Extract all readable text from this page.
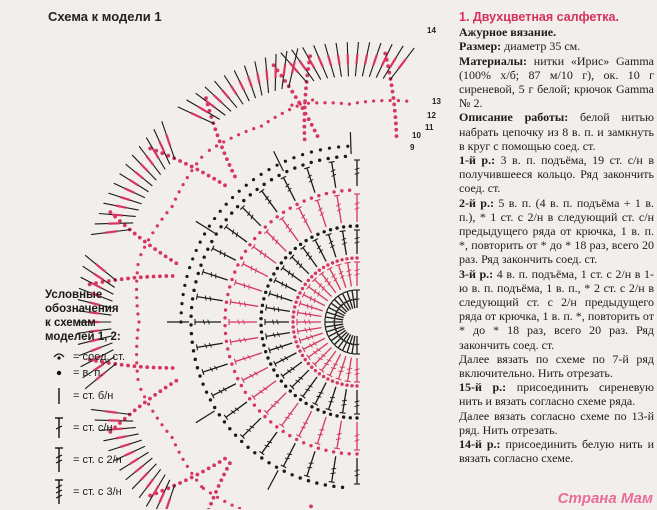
Схема к модели 1
14
13
12
11
10
9
Условные
обозначения
к схемам
моделей 1, 2:
= соед. ст.
= в. п.
= ст. б/н
= ст. с/н
= ст. с 2/н
= ст. с 3/н

1. Двухцветная салфетка.

Ажурное вязание.

Размер: диаметр 35 см.

Материалы: нитки «Ирис» Gamma (100% х/б; 87 м/10 г), ок. 10 г сиреневой, 5 г белой; крючок Gamma № 2.

Описание работы: белой нитью набрать цепочку из 8 в. п. и замкнуть в круг с помощью соед. ст.

1-й р.: 3 в. п. подъёма, 19 ст. с/н в получившееся кольцо. Ряд закончить соед. ст.

2-й р.: 5 в. п. (4 в. п. подъёма + 1 в. п.), * 1 ст. с 2/н в следующий ст. с/н предыдущего ряда от крючка, 1 в. п. *, повторить от * до * 18 раз, всего 20 раз. Ряд закончить соед. ст.

3-й р.: 4 в. п. подъёма, 1 ст. с 2/н в 1-ю в. п. подъёма, 1 в. п., * 2 ст. с 2/н в следующий ст. с 2/н предыдущего ряда от крючка, 1 в. п. *, повторить от * до * 18 раз, всего 20 раз. Ряд закончить соед. ст.

Далее вязать по схеме по 7-й ряд включительно. Нить отрезать.

15-й р.: присоединить сиреневую нить и вязать согласно схеме ряда.

Далее вязать согласно схеме по 13-й ряд. Нить отрезать.

14-й р.: присоединить белую нить и вязать согласно схеме.

Страна Мам
